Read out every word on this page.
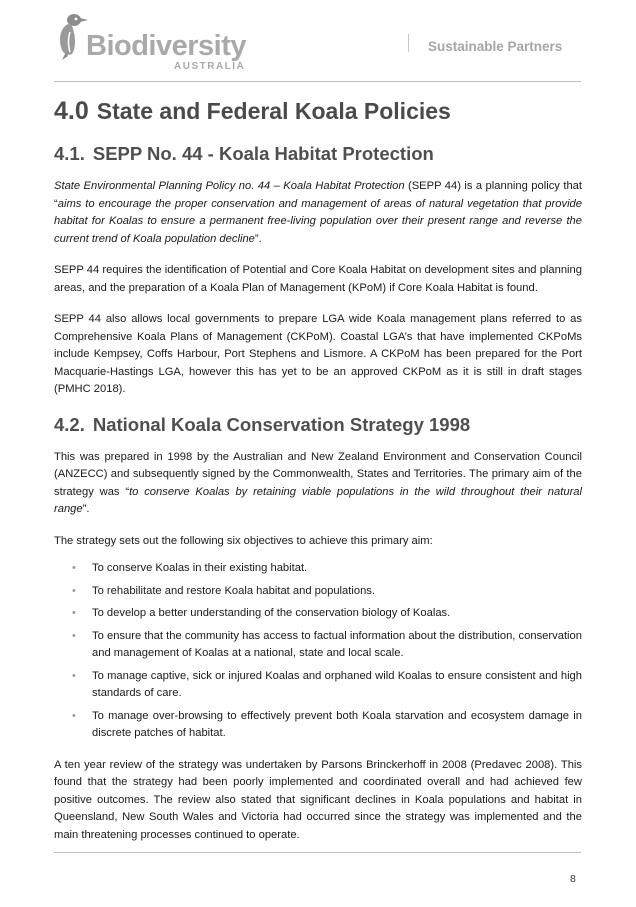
Biodiversity
AUSTRALIA
Sustainable Partners
4.0 State and Federal Koala Policies
4.1. SEPP No. 44 - Koala Habitat Protection

State Environmental Planning Policy no. 44 – Koala Habitat Protection (SEPP 44) is a planning policy that “aims to encourage the proper conservation and management of areas of natural vegetation that provide habitat for Koalas to ensure a permanent free-living population over their present range and reverse the current trend of Koala population decline”.

SEPP 44 requires the identification of Potential and Core Koala Habitat on development sites and planning areas, and the preparation of a Koala Plan of Management (KPoM) if Core Koala Habitat is found.

SEPP 44 also allows local governments to prepare LGA wide Koala management plans referred to as Comprehensive Koala Plans of Management (CKPoM). Coastal LGA’s that have implemented CKPoMs include Kempsey, Coffs Harbour, Port Stephens and Lismore. A CKPoM has been prepared for the Port Macquarie-Hastings LGA, however this has yet to be an approved CKPoM as it is still in draft stages (PMHC 2018).

4.2. National Koala Conservation Strategy 1998

This was prepared in 1998 by the Australian and New Zealand Environment and Conservation Council (ANZECC) and subsequently signed by the Commonwealth, States and Territories. The primary aim of the strategy was “to conserve Koalas by retaining viable populations in the wild throughout their natural range”.

The strategy sets out the following six objectives to achieve this primary aim:

• To conserve Koalas in their existing habitat.
• To rehabilitate and restore Koala habitat and populations.
• To develop a better understanding of the conservation biology of Koalas.
• To ensure that the community has access to factual information about the distribution, conservation and management of Koalas at a national, state and local scale.
• To manage captive, sick or injured Koalas and orphaned wild Koalas to ensure consistent and high standards of care.
• To manage over-browsing to effectively prevent both Koala starvation and ecosystem damage in discrete patches of habitat.

A ten year review of the strategy was undertaken by Parsons Brinckerhoff in 2008 (Predavec 2008). This found that the strategy had been poorly implemented and coordinated overall and had achieved few positive outcomes. The review also stated that significant declines in Koala populations and habitat in Queensland, New South Wales and Victoria had occurred since the strategy was implemented and the main threatening processes continued to operate.

8
